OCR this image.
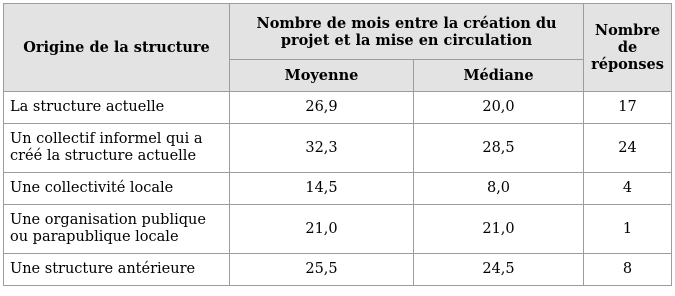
Origine de la structure	Nombre de mois entre la création du projet et la mise en circulation		Nombre de réponses
	Moyenne	Médiane	
La structure actuelle	26,9	20,0	17
Un collectif informel qui a créé la structure actuelle	32,3	28,5	24
Une collectivité locale	14,5	8,0	4
Une organisation publique ou parapublique locale	21,0	21,0	1
Une structure antérieure	25,5	24,5	8
